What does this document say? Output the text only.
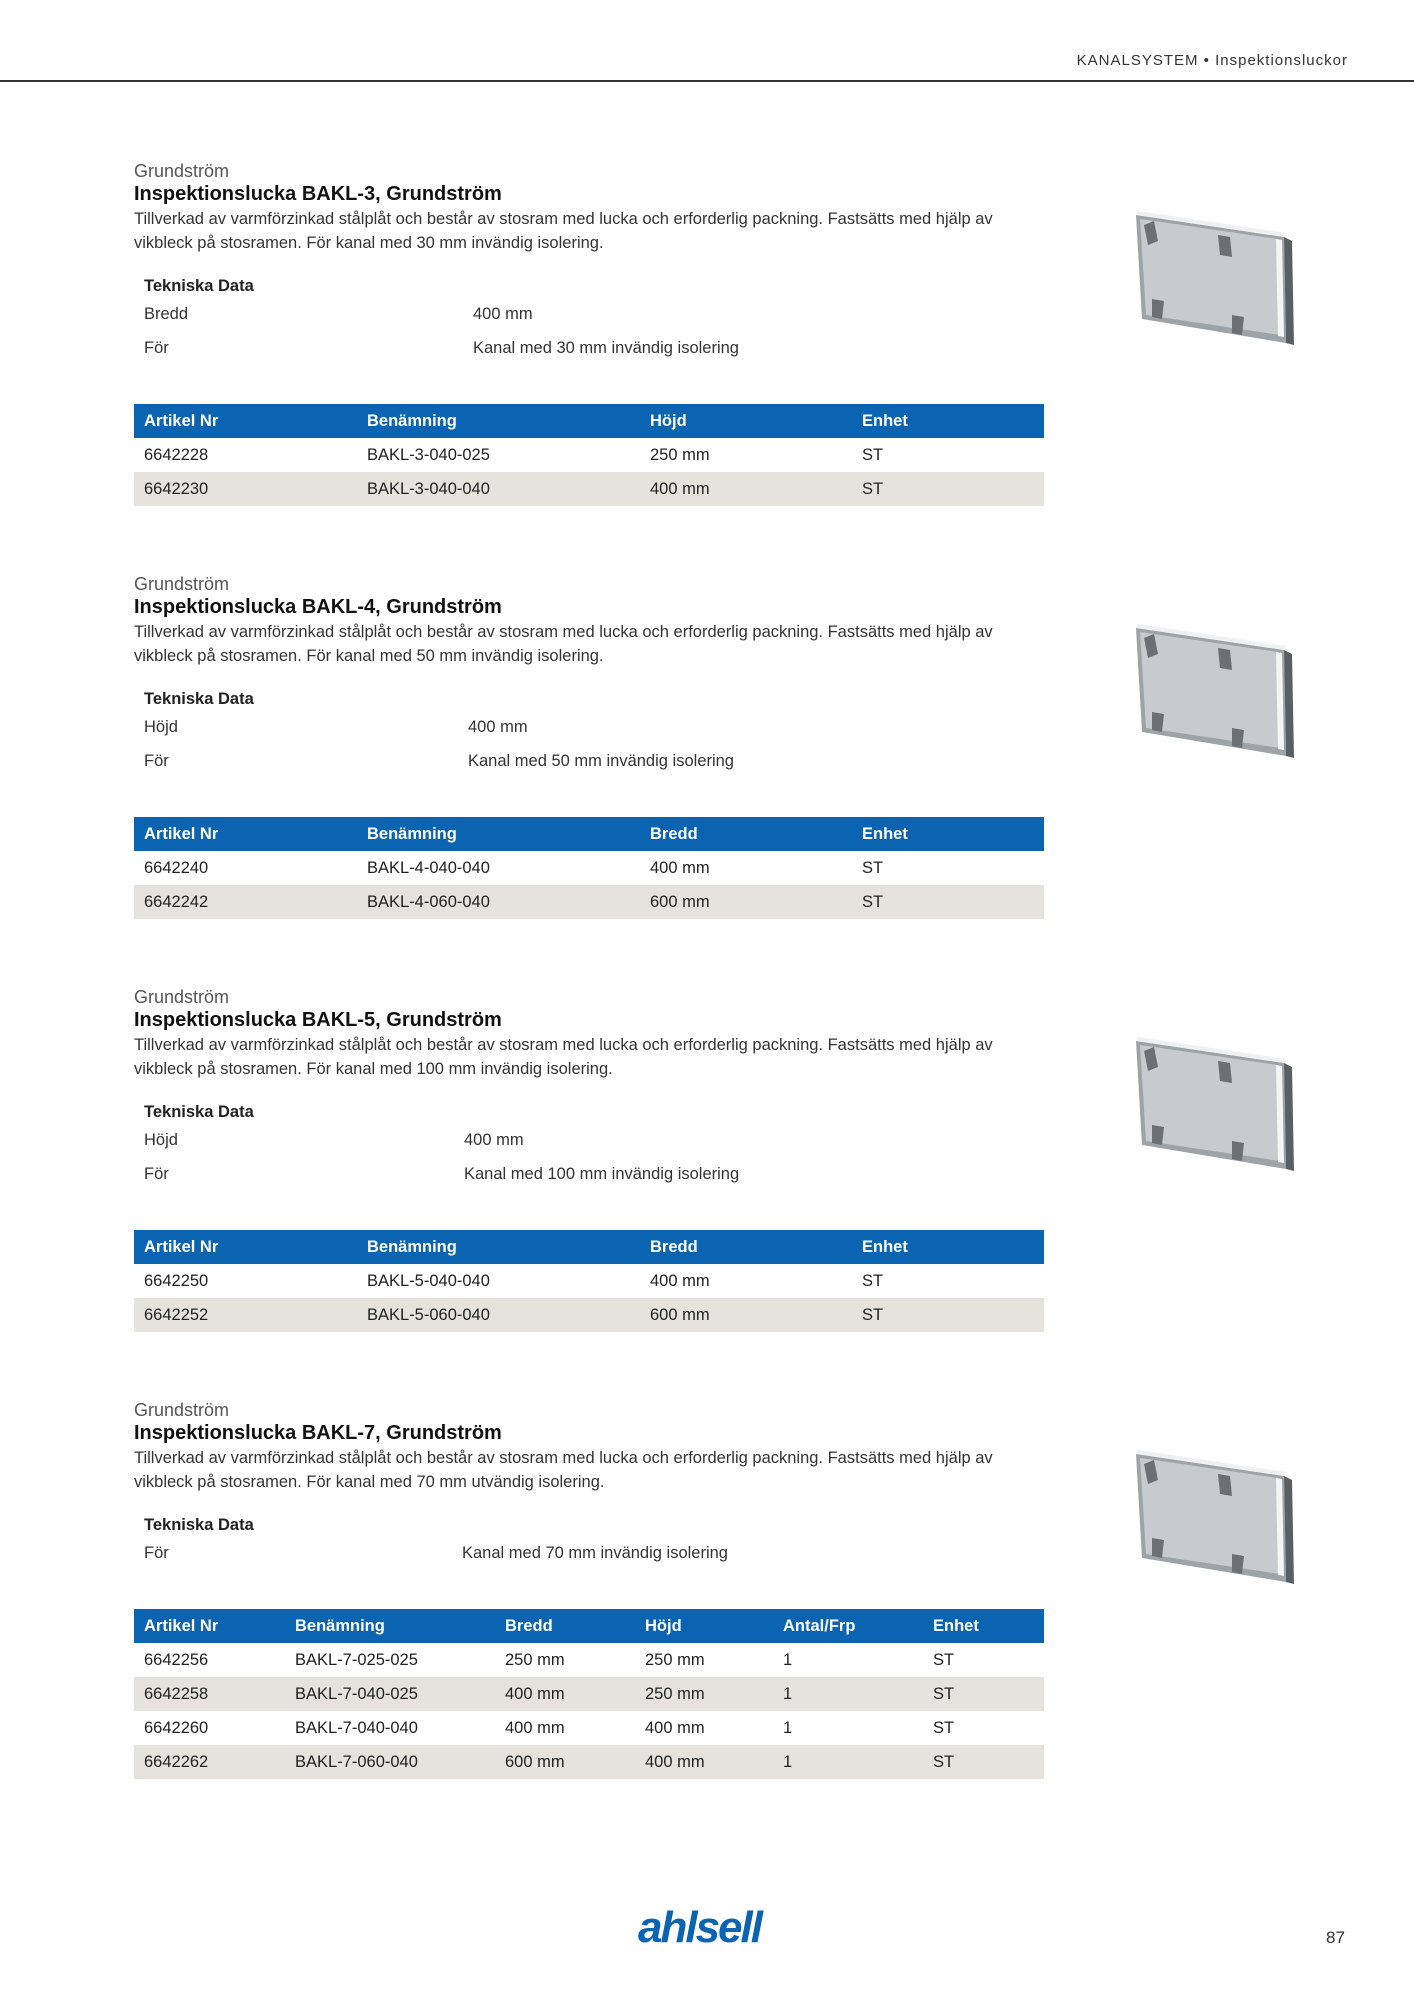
KANALSYSTEM • Inspektionsluckor
Grundström
Inspektionslucka BAKL-3, Grundström
Tillverkad av varmförzinkad stålplåt och består av stosram med lucka och erforderlig packning. Fastsätts med hjälp av vikbleck på stosramen. För kanal med 30 mm invändig isolering.
Tekniska Data
Bredd	400 mm
För	Kanal med 30 mm invändig isolering
Artikel Nr	Benämning	Höjd	Enhet
6642228	BAKL-3-040-025	250 mm	ST
6642230	BAKL-3-040-040	400 mm	ST
Grundström
Inspektionslucka BAKL-4, Grundström
Tillverkad av varmförzinkad stålplåt och består av stosram med lucka och erforderlig packning. Fastsätts med hjälp av vikbleck på stosramen. För kanal med 50 mm invändig isolering.
Tekniska Data
Höjd	400 mm
För	Kanal med 50 mm invändig isolering
Artikel Nr	Benämning	Bredd	Enhet
6642240	BAKL-4-040-040	400 mm	ST
6642242	BAKL-4-060-040	600 mm	ST
Grundström
Inspektionslucka BAKL-5, Grundström
Tillverkad av varmförzinkad stålplåt och består av stosram med lucka och erforderlig packning. Fastsätts med hjälp av vikbleck på stosramen. För kanal med 100 mm invändig isolering.
Tekniska Data
Höjd	400 mm
För	Kanal med 100 mm invändig isolering
Artikel Nr	Benämning	Bredd	Enhet
6642250	BAKL-5-040-040	400 mm	ST
6642252	BAKL-5-060-040	600 mm	ST
Grundström
Inspektionslucka BAKL-7, Grundström
Tillverkad av varmförzinkad stålplåt och består av stosram med lucka och erforderlig packning. Fastsätts med hjälp av vikbleck på stosramen. För kanal med 70 mm utvändig isolering.
Tekniska Data
För	Kanal med 70 mm invändig isolering
Artikel Nr	Benämning	Bredd	Höjd	Antal/Frp	Enhet
6642256	BAKL-7-025-025	250 mm	250 mm	1	ST
6642258	BAKL-7-040-025	400 mm	250 mm	1	ST
6642260	BAKL-7-040-040	400 mm	400 mm	1	ST
6642262	BAKL-7-060-040	600 mm	400 mm	1	ST
ahlsell	87
